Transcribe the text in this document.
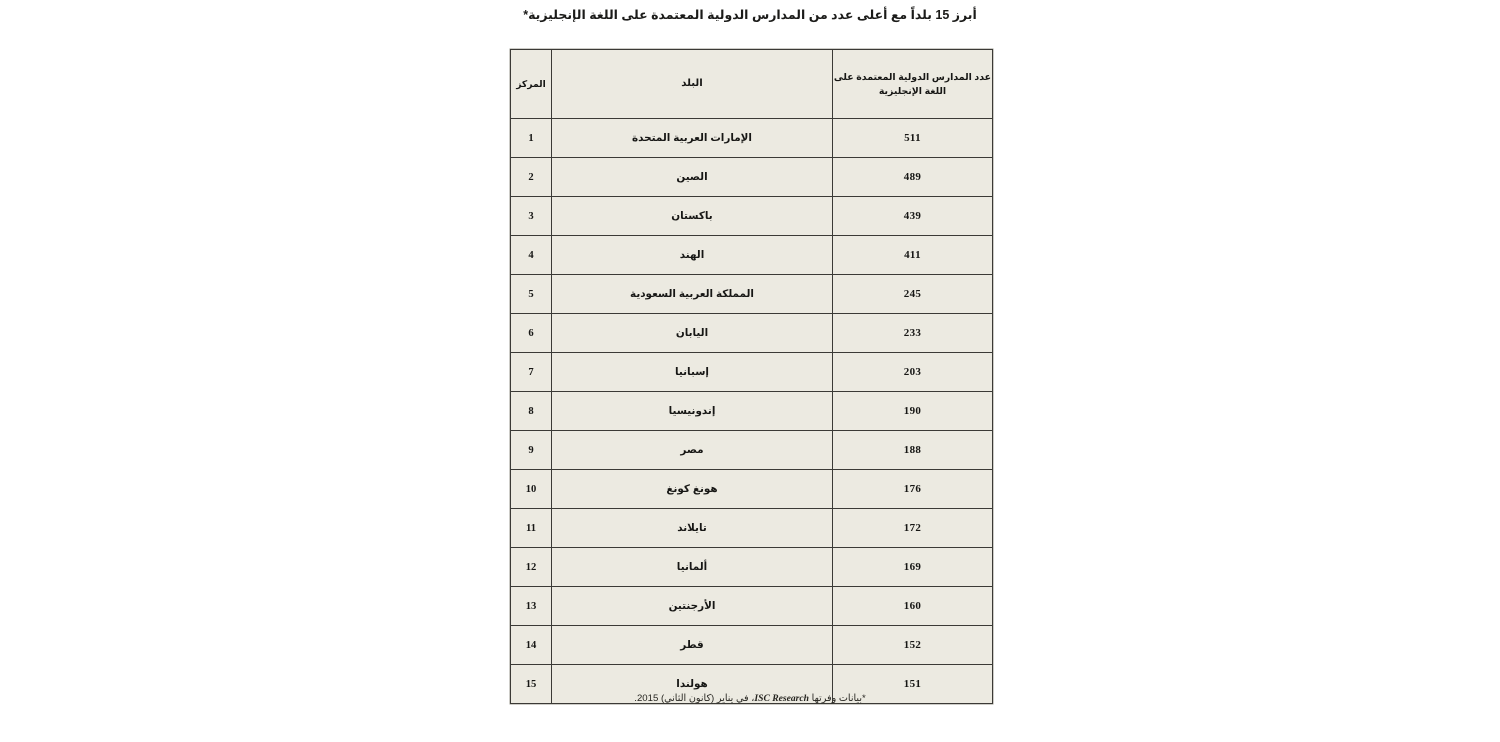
أبرز 15 بلداً مع أعلى عدد من المدارس الدولية المعتمدة على اللغة الإنجليزية*
عدد المدارس الدولية المعتمدة على اللغة الإنجليزية	البلد	المركز
511	الإمارات العربية المتحدة	1
489	الصين	2
439	باكستان	3
411	الهند	4
245	المملكة العربية السعودية	5
233	اليابان	6
203	إسبانيا	7
190	إندونيسيا	8
188	مصر	9
176	هونغ كونغ	10
172	تايلاند	11
169	ألمانيا	12
160	الأرجنتين	13
152	قطر	14
151	هولندا	15
*بيانات وفرتها ISC Research، في يناير (كانون الثاني) 2015.
